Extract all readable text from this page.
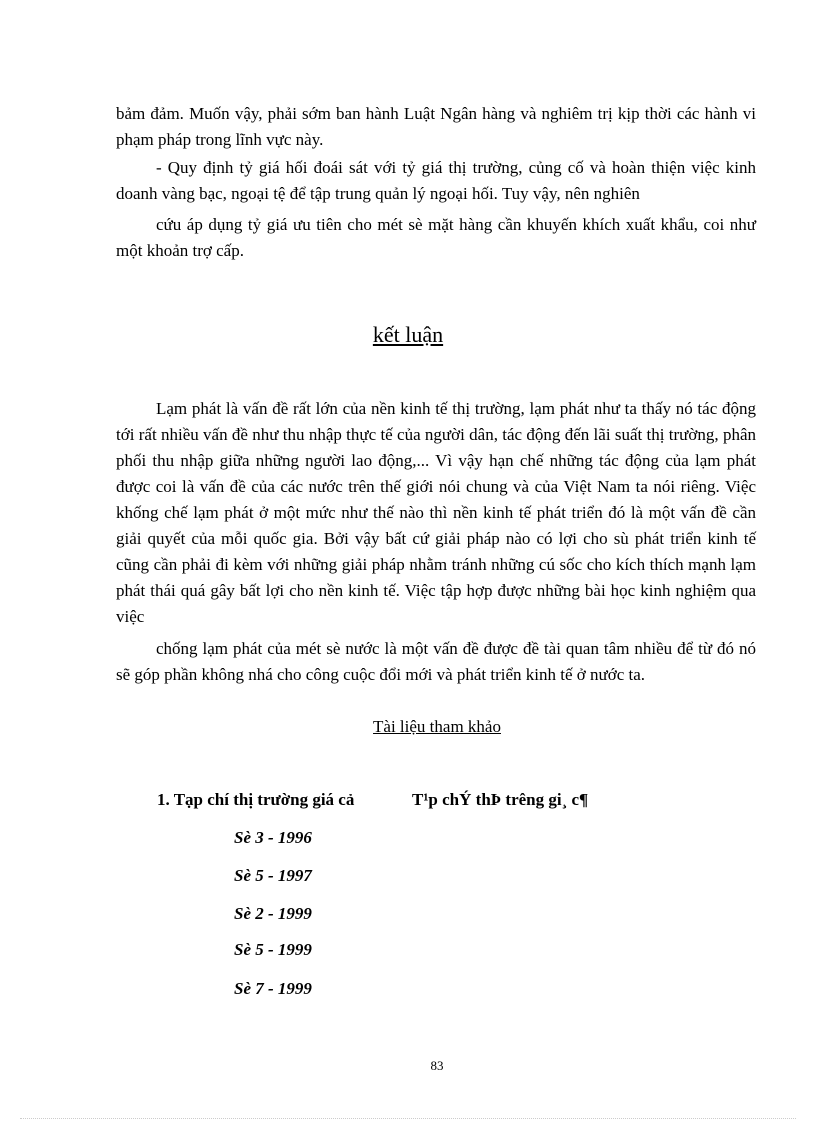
bảm đảm. Muốn vậy, phải sớm ban hành Luật Ngân hàng và nghiêm trị kịp thời các hành vi phạm pháp trong lĩnh vực này.

- Quy định tỷ giá hối đoái sát với tỷ giá thị trường, củng cố và hoàn thiện việc kinh doanh vàng bạc, ngoại tệ để tập trung quản lý ngoại hối. Tuy vậy, nên nghiên

cứu áp dụng tỷ giá ưu tiên cho mét sè mặt hàng cần khuyến khích xuất khẩu, coi như một khoản trợ cấp.

kết luận

Lạm phát là vấn đề rất lớn của nền kinh tế thị trường, lạm phát như ta thấy nó tác động tới rất nhiều vấn đề như thu nhập thực tế của người dân, tác động đến lãi suất thị trường, phân phối thu nhập giữa những người lao động,... Vì vậy hạn chế những tác động của lạm phát được coi là vấn đề của các nước trên thế giới nói chung và của Việt Nam ta nói riêng. Việc khống chế lạm phát ở một mức như thế nào thì nền kinh tế phát triển đó là một vấn đề cần giải quyết của mỗi quốc gia. Bởi vậy bất cứ giải pháp nào có lợi cho sù phát triển kinh tế cũng cần phải đi kèm với những giải pháp nhằm tránh những cú sốc cho kích thích mạnh lạm phát thái quá gây bất lợi cho nền kinh tế. Việc tập hợp được những bài học kinh nghiệm qua việc

chống lạm phát của mét sè nước là một vấn đề được đề tài quan tâm nhiều để từ đó nó sẽ góp phần không nhá cho công cuộc đổi mới và phát triển kinh tế ở nước ta.

Tài liệu tham khảo
1. Tạp chí thị trường giá cả	T¹p chÝ thÞ trêng gi¸ c¶
Sè 3 - 1996
Sè 5 - 1997
Sè 2 - 1999
Sè 5 - 1999
Sè 7 - 1999
83
